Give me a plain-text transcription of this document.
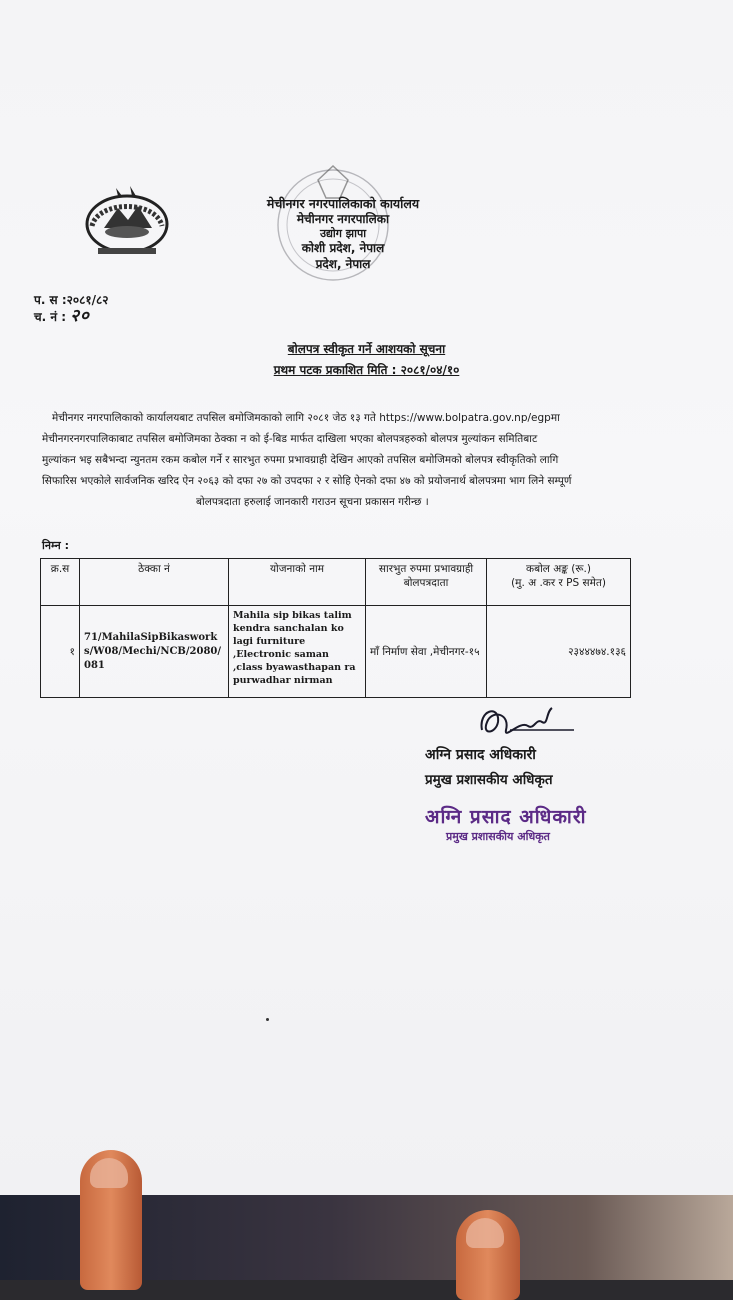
मेचीनगर नगरपालिकाको कार्यालय
मेचीनगर नगरपालिका
उद्योग झापा
कोशी प्रदेश, नेपाल
प्रदेश, नेपाल
प. स :२०८१/८२
च. नं : २०
बोलपत्र स्वीकृत गर्ने आशयको सूचना
प्रथम पटक प्रकाशित मिति : २०८१/०४/१०
मेचीनगर नगरपालिकाको कार्यालयबाट तपसिल बमोजिमकाको लागि २०८१ जेठ १३ गते https://www.bolpatra.gov.np/egpमा
मेचीनगरनगरपालिकाबाट तपसिल बमोजिमका ठेक्का न को ई-बिड मार्फत दाखिला भएका बोलपत्रहरुको बोलपत्र मुल्यांकन समितिबाट
मुल्यांकन भइ सबैभन्दा न्युनतम रकम कबोल गर्ने र सारभुत रुपमा प्रभावग्राही देखिन आएको तपसिल बमोजिमको बोलपत्र स्वीकृतिको लागि
सिफारिस भएकोले सार्वजनिक खरिद ऐन २०६३ को दफा २७ को उपदफा २ र सोहि ऐनको दफा ४७ को प्रयोजनार्थ बोलपत्रमा भाग लिने सम्पूर्ण
बोलपत्रदाता हरुलाई जानकारी गराउन सूचना प्रकासन गरीन्छ ।
निम्न :
क्र.स	ठेक्का नं	योजनाको नाम	सारभुत रुपमा प्रभावग्राही बोलपत्रदाता	कबोल अङ्क (रू.)
(मु. अ .कर र PS समेत)
१	71/MahilaSipBikasworks/W08/Mechi/NCB/2080/081	Mahila sip bikas talim kendra sanchalan ko lagi furniture ,Electronic saman ,class byawasthapan ra purwadhar nirman	माँ निर्माण सेवा ,मेचीनगर-१५	२३४४४७४.१३६
अग्नि प्रसाद अधिकारी
प्रमुख प्रशासकीय अधिकृत
अग्नि प्रसाद अधिकारी
प्रमुख प्रशासकीय अधिकृत
